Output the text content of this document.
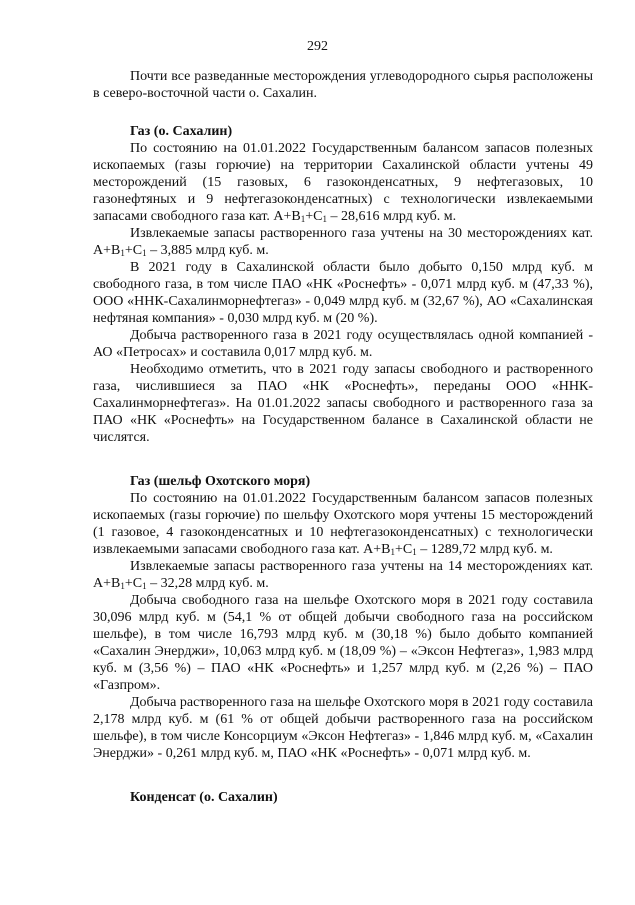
292

Почти все разведанные месторождения углеводородного сырья расположены в северо-восточной части о. Сахалин.

Газ (о. Сахалин)

По состоянию на 01.01.2022 Государственным балансом запасов полезных ископаемых (газы горючие) на территории Сахалинской области учтены 49 месторождений (15 газовых, 6 газоконденсатных, 9 нефтегазовых, 10 газонефтяных и 9 нефтегазоконденсатных) с технологически извлекаемыми запасами свободного газа кат. $А+В_1+С_1 - 28,616$ млрд куб. м.

Извлекаемые запасы растворенного газа учтены на 30 месторождениях кат. $А+В_1+С_1 - 3,885$ млрд куб. м.

В 2021 году в Сахалинской области было добыто 0,150 млрд куб. м свободного газа, в том числе ПАО «НК «Роснефть» - 0,071 млрд куб. м (47,33 %), ООО «ННК-Сахалинморнефтегаз» - 0,049 млрд куб. м (32,67 %), АО «Сахалинская нефтяная компания» - 0,030 млрд куб. м (20 %).

Добыча растворенного газа в 2021 году осуществлялась одной компанией - АО «Петросах» и составила 0,017 млрд куб. м.

Необходимо отметить, что в 2021 году запасы свободного и растворенного газа, числившиеся за ПАО «НК «Роснефть», переданы ООО «ННК-Сахалинморнефтегаз». На 01.01.2022 запасы свободного и растворенного газа за ПАО «НК «Роснефть» на Государственном балансе в Сахалинской области не числятся.

Газ (шельф Охотского моря)

По состоянию на 01.01.2022 Государственным балансом запасов полезных ископаемых (газы горючие) по шельфу Охотского моря учтены 15 месторождений (1 газовое, 4 газоконденсатных и 10 нефтегазоконденсатных) с технологически извлекаемыми запасами свободного газа кат. $А+В_1+С_1 - 1289,72$ млрд куб. м.

Извлекаемые запасы растворенного газа учтены на 14 месторождениях кат. $А+В_1+С_1 - 32,28$ млрд куб. м.

Добыча свободного газа на шельфе Охотского моря в 2021 году составила 30,096 млрд куб. м (54,1 % от общей добычи свободного газа на российском шельфе), в том числе 16,793 млрд куб. м (30,18 %) было добыто компанией «Сахалин Энерджи», 10,063 млрд куб. м (18,09 %) – «Эксон Нефтегаз», 1,983 млрд куб. м (3,56 %) – ПАО «НК «Роснефть» и 1,257 млрд куб. м (2,26 %) – ПАО «Газпром».

Добыча растворенного газа на шельфе Охотского моря в 2021 году составила 2,178 млрд куб. м (61 % от общей добычи растворенного газа на российском шельфе), в том числе Консорциум «Эксон Нефтегаз» - 1,846 млрд куб. м, «Сахалин Энерджи» - 0,261 млрд куб. м, ПАО «НК «Роснефть» - 0,071 млрд куб. м.

Конденсат (о. Сахалин)
